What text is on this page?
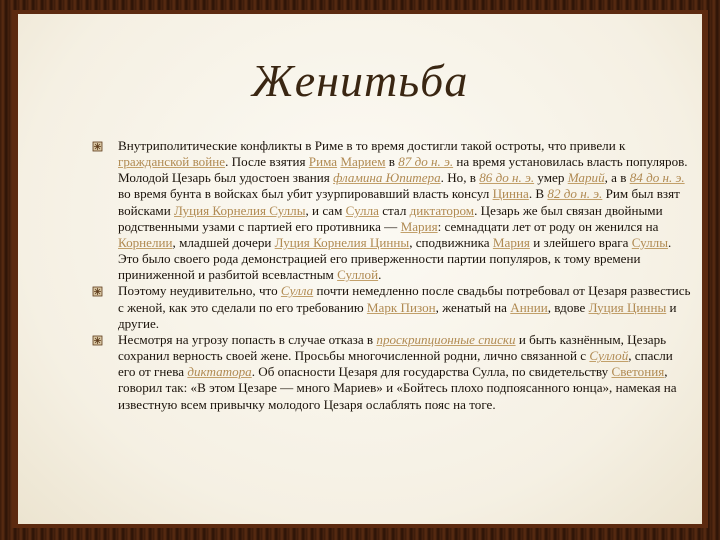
Женитьба
Внутриполитические конфликты в Риме в то время достигли такой остроты, что привели к гражданской войне. После взятия Рима Марием в 87 до н. э. на время установилась власть популяров. Молодой Цезарь был удостоен звания фламина Юпитера. Но, в 86 до н. э. умер Марий, а в 84 до н. э. во время бунта в войсках был убит узурпировавший власть консул Цинна. В 82 до н. э. Рим был взят войсками Луция Корнелия Суллы, и сам Сулла стал диктатором. Цезарь же был связан двойными родственными узами с партией его противника — Мария: семнадцати лет от роду он женился на Корнелии, младшей дочери Луция Корнелия Цинны, сподвижника Мария и злейшего врага Суллы. Это было своего рода демонстрацией его приверженности партии популяров, к тому времени приниженной и разбитой всевластным Суллой.
Поэтому неудивительно, что Сулла почти немедленно после свадьбы потребовал от Цезаря развестись с женой, как это сделали по его требованию Марк Пизон, женатый на Аннии, вдове Луция Цинны и другие.
Несмотря на угрозу попасть в случае отказа в проскрипционные списки и быть казнённым, Цезарь сохранил верность своей жене. Просьбы многочисленной родни, лично связанной с Суллой, спасли его от гнева диктатора. Об опасности Цезаря для государства Сулла, по свидетельству Светония, говорил так: «В этом Цезаре — много Мариев» и «Бойтесь плохо подпоясанного юнца», намекая на известную всем привычку молодого Цезаря ослаблять пояс на тоге.
